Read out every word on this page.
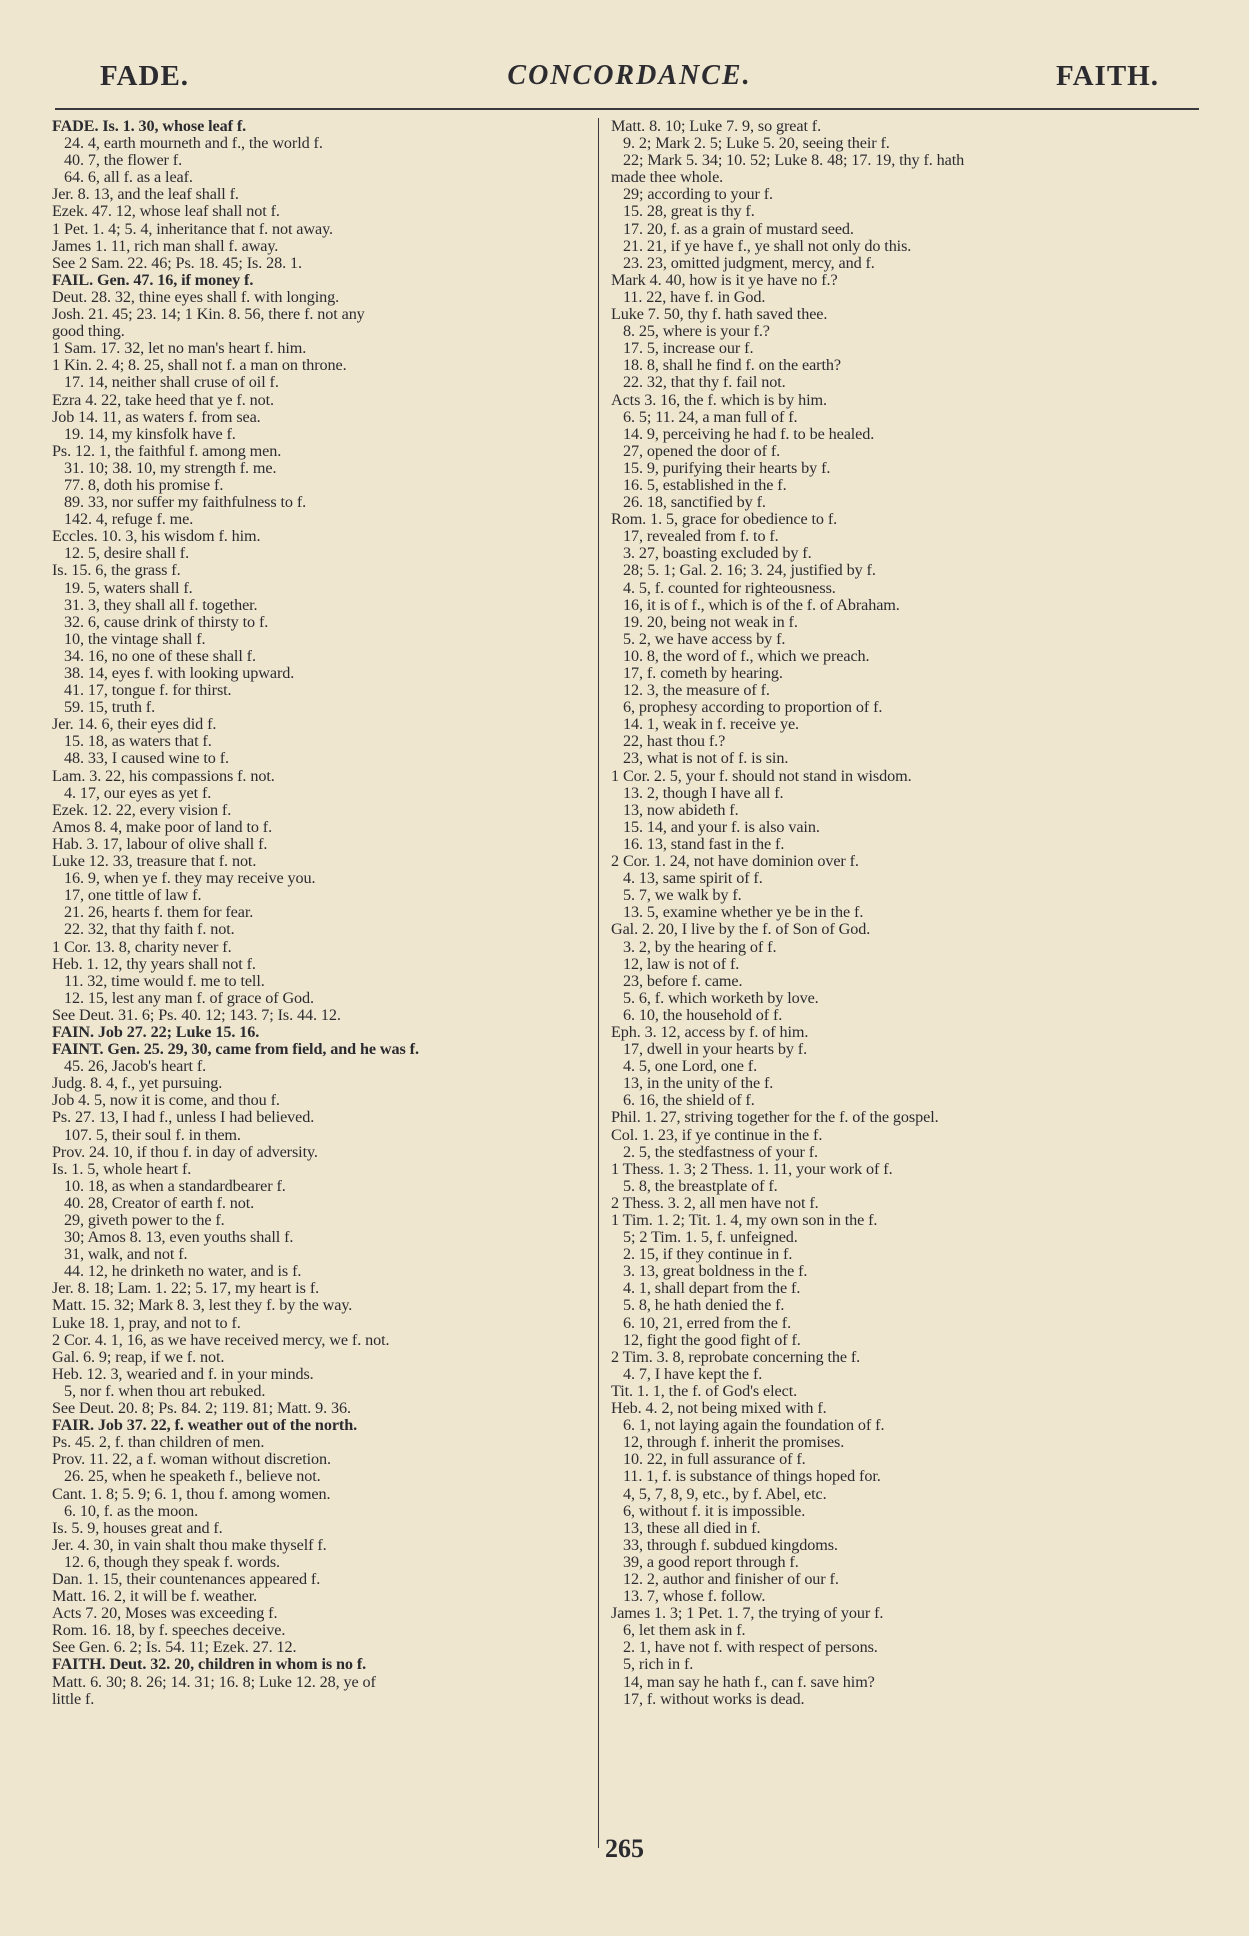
FADE.	CONCORDANCE.	FAITH.
FADE. Is. 1. 30, whose leaf f.
24. 4, earth mourneth and f., the world f.
40. 7, the flower f.
64. 6, all f. as a leaf.
Jer. 8. 13, and the leaf shall f.
Ezek. 47. 12, whose leaf shall not f.
1 Pet. 1. 4; 5. 4, inheritance that f. not away.
James 1. 11, rich man shall f. away.
See 2 Sam. 22. 46; Ps. 18. 45; Is. 28. 1.
FAIL. Gen. 47. 16, if money f.
Deut. 28. 32, thine eyes shall f. with longing.
Josh. 21. 45; 23. 14; 1 Kin. 8. 56, there f. not any
good thing.
1 Sam. 17. 32, let no man's heart f. him.
1 Kin. 2. 4; 8. 25, shall not f. a man on throne.
17. 14, neither shall cruse of oil f.
Ezra 4. 22, take heed that ye f. not.
Job 14. 11, as waters f. from sea.
19. 14, my kinsfolk have f.
Ps. 12. 1, the faithful f. among men.
31. 10; 38. 10, my strength f. me.
77. 8, doth his promise f.
89. 33, nor suffer my faithfulness to f.
142. 4, refuge f. me.
Eccles. 10. 3, his wisdom f. him.
12. 5, desire shall f.
Is. 15. 6, the grass f.
19. 5, waters shall f.
31. 3, they shall all f. together.
32. 6, cause drink of thirsty to f.
10, the vintage shall f.
34. 16, no one of these shall f.
38. 14, eyes f. with looking upward.
41. 17, tongue f. for thirst.
59. 15, truth f.
Jer. 14. 6, their eyes did f.
15. 18, as waters that f.
48. 33, I caused wine to f.
Lam. 3. 22, his compassions f. not.
4. 17, our eyes as yet f.
Ezek. 12. 22, every vision f.
Amos 8. 4, make poor of land to f.
Hab. 3. 17, labour of olive shall f.
Luke 12. 33, treasure that f. not.
16. 9, when ye f. they may receive you.
17, one tittle of law f.
21. 26, hearts f. them for fear.
22. 32, that thy faith f. not.
1 Cor. 13. 8, charity never f.
Heb. 1. 12, thy years shall not f.
11. 32, time would f. me to tell.
12. 15, lest any man f. of grace of God.
See Deut. 31. 6; Ps. 40. 12; 143. 7; Is. 44. 12.
FAIN. Job 27. 22; Luke 15. 16.
FAINT. Gen. 25. 29, 30, came from field, and he was f.
45. 26, Jacob's heart f.
Judg. 8. 4, f., yet pursuing.
Job 4. 5, now it is come, and thou f.
Ps. 27. 13, I had f., unless I had believed.
107. 5, their soul f. in them.
Prov. 24. 10, if thou f. in day of adversity.
Is. 1. 5, whole heart f.
10. 18, as when a standardbearer f.
40. 28, Creator of earth f. not.
29, giveth power to the f.
30; Amos 8. 13, even youths shall f.
31, walk, and not f.
44. 12, he drinketh no water, and is f.
Jer. 8. 18; Lam. 1. 22; 5. 17, my heart is f.
Matt. 15. 32; Mark 8. 3, lest they f. by the way.
Luke 18. 1, pray, and not to f.
2 Cor. 4. 1, 16, as we have received mercy, we f. not.
Gal. 6. 9; reap, if we f. not.
Heb. 12. 3, wearied and f. in your minds.
5, nor f. when thou art rebuked.
See Deut. 20. 8; Ps. 84. 2; 119. 81; Matt. 9. 36.
FAIR. Job 37. 22, f. weather out of the north.
Ps. 45. 2, f. than children of men.
Prov. 11. 22, a f. woman without discretion.
26. 25, when he speaketh f., believe not.
Cant. 1. 8; 5. 9; 6. 1, thou f. among women.
6. 10, f. as the moon.
Is. 5. 9, houses great and f.
Jer. 4. 30, in vain shalt thou make thyself f.
12. 6, though they speak f. words.
Dan. 1. 15, their countenances appeared f.
Matt. 16. 2, it will be f. weather.
Acts 7. 20, Moses was exceeding f.
Rom. 16. 18, by f. speeches deceive.
See Gen. 6. 2; Is. 54. 11; Ezek. 27. 12.
FAITH. Deut. 32. 20, children in whom is no f.
Matt. 6. 30; 8. 26; 14. 31; 16. 8; Luke 12. 28, ye of
little f.
Matt. 8. 10; Luke 7. 9, so great f.
9. 2; Mark 2. 5; Luke 5. 20, seeing their f.
22; Mark 5. 34; 10. 52; Luke 8. 48; 17. 19, thy f. hath
made thee whole.
29; according to your f.
15. 28, great is thy f.
17. 20, f. as a grain of mustard seed.
21. 21, if ye have f., ye shall not only do this.
23. 23, omitted judgment, mercy, and f.
Mark 4. 40, how is it ye have no f.?
11. 22, have f. in God.
Luke 7. 50, thy f. hath saved thee.
8. 25, where is your f.?
17. 5, increase our f.
18. 8, shall he find f. on the earth?
22. 32, that thy f. fail not.
Acts 3. 16, the f. which is by him.
6. 5; 11. 24, a man full of f.
14. 9, perceiving he had f. to be healed.
27, opened the door of f.
15. 9, purifying their hearts by f.
16. 5, established in the f.
26. 18, sanctified by f.
Rom. 1. 5, grace for obedience to f.
17, revealed from f. to f.
3. 27, boasting excluded by f.
28; 5. 1; Gal. 2. 16; 3. 24, justified by f.
4. 5, f. counted for righteousness.
16, it is of f., which is of the f. of Abraham.
19. 20, being not weak in f.
5. 2, we have access by f.
10. 8, the word of f., which we preach.
17, f. cometh by hearing.
12. 3, the measure of f.
6, prophesy according to proportion of f.
14. 1, weak in f. receive ye.
22, hast thou f.?
23, what is not of f. is sin.
1 Cor. 2. 5, your f. should not stand in wisdom.
13. 2, though I have all f.
13, now abideth f.
15. 14, and your f. is also vain.
16. 13, stand fast in the f.
2 Cor. 1. 24, not have dominion over f.
4. 13, same spirit of f.
5. 7, we walk by f.
13. 5, examine whether ye be in the f.
Gal. 2. 20, I live by the f. of Son of God.
3. 2, by the hearing of f.
12, law is not of f.
23, before f. came.
5. 6, f. which worketh by love.
6. 10, the household of f.
Eph. 3. 12, access by f. of him.
17, dwell in your hearts by f.
4. 5, one Lord, one f.
13, in the unity of the f.
6. 16, the shield of f.
Phil. 1. 27, striving together for the f. of the gospel.
Col. 1. 23, if ye continue in the f.
2. 5, the stedfastness of your f.
1 Thess. 1. 3; 2 Thess. 1. 11, your work of f.
5. 8, the breastplate of f.
2 Thess. 3. 2, all men have not f.
1 Tim. 1. 2; Tit. 1. 4, my own son in the f.
5; 2 Tim. 1. 5, f. unfeigned.
2. 15, if they continue in f.
3. 13, great boldness in the f.
4. 1, shall depart from the f.
5. 8, he hath denied the f.
6. 10, 21, erred from the f.
12, fight the good fight of f.
2 Tim. 3. 8, reprobate concerning the f.
4. 7, I have kept the f.
Tit. 1. 1, the f. of God's elect.
Heb. 4. 2, not being mixed with f.
6. 1, not laying again the foundation of f.
12, through f. inherit the promises.
10. 22, in full assurance of f.
11. 1, f. is substance of things hoped for.
4, 5, 7, 8, 9, etc., by f. Abel, etc.
6, without f. it is impossible.
13, these all died in f.
33, through f. subdued kingdoms.
39, a good report through f.
12. 2, author and finisher of our f.
13. 7, whose f. follow.
James 1. 3; 1 Pet. 1. 7, the trying of your f.
6, let them ask in f.
2. 1, have not f. with respect of persons.
5, rich in f.
14, man say he hath f., can f. save him?
17, f. without works is dead.
265
